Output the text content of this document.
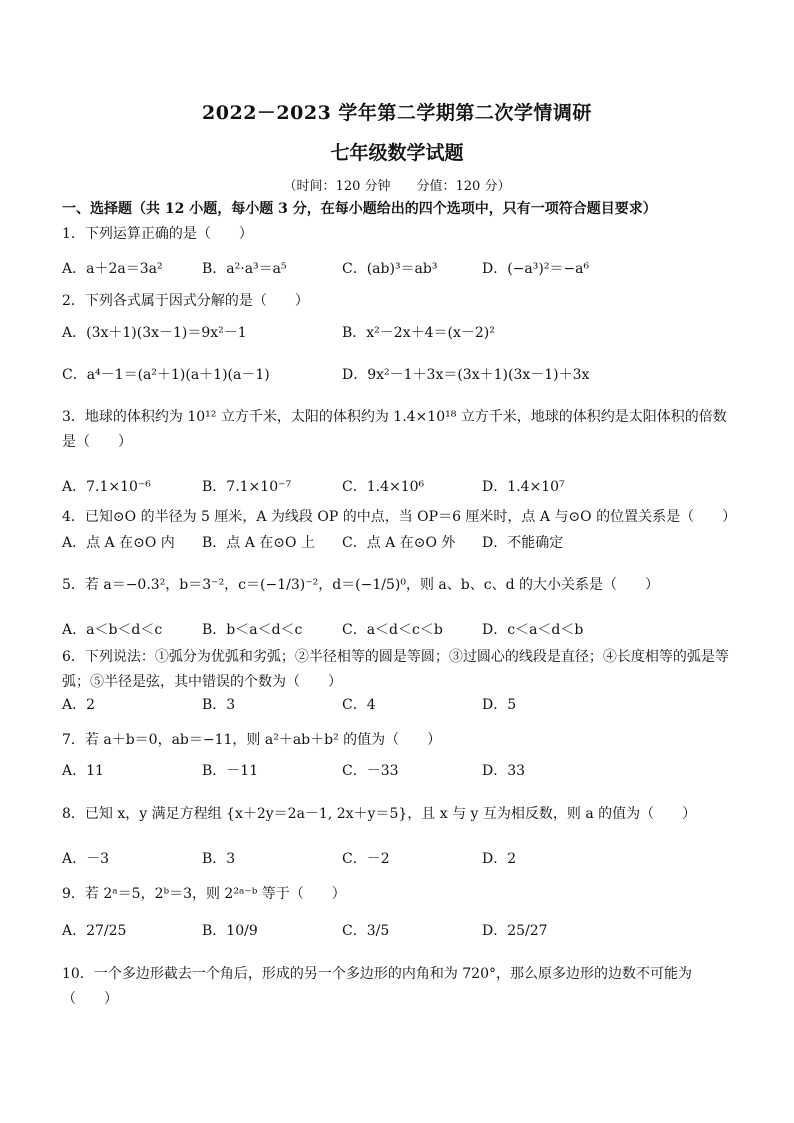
2022－2023 学年第二学期第二次学情调研
七年级数学试题
（时间：120 分钟　　分值：120 分）
一、选择题（共 12 小题，每小题 3 分，在每小题给出的四个选项中，只有一项符合题目要求）
1．下列运算正确的是（　　）
A．a＋2a＝3a²	B．a²·a³＝a⁵	C．(ab)³＝ab³	D．(−a³)²＝−a⁶
2．下列各式属于因式分解的是（　　）
A．(3x＋1)(3x－1)＝9x²－1	B．x²－2x＋4＝(x－2)²
C．a⁴－1＝(a²＋1)(a＋1)(a－1)	D．9x²－1＋3x＝(3x＋1)(3x－1)＋3x
3．地球的体积约为 10¹² 立方千米，太阳的体积约为 1.4×10¹⁸ 立方千米，地球的体积约是太阳体积的倍数是（　　）
A．7.1×10⁻⁶	B．7.1×10⁻⁷	C．1.4×10⁶	D．1.4×10⁷
4．已知⊙O 的半径为 5 厘米，A 为线段 OP 的中点，当 OP＝6 厘米时，点 A 与⊙O 的位置关系是（　　）
A．点 A 在⊙O 内 B．点 A 在⊙O 上 C．点 A 在⊙O 外 D．不能确定
5．若 a＝−0.3²，b＝3⁻²，c＝(−1/3)⁻²，d＝(−1/5)⁰，则 a、b、c、d 的大小关系是（　　）
A．a＜b＜d＜c	B．b＜a＜d＜c	C．a＜d＜c＜b	D．c＜a＜d＜b
6．下列说法：①弧分为优弧和劣弧；②半径相等的圆是等圆；③过圆心的线段是直径；④长度相等的弧是等弧；⑤半径是弦，其中错误的个数为（　　）
A．2	B．3	C．4	D．5
7．若 a＋b＝0，ab＝−11，则 a²＋ab＋b² 的值为（　　）
A．11	B．－11	C．－33	D．33
8．已知 x，y 满足方程组 {x＋2y＝2a－1, 2x＋y＝5}，且 x 与 y 互为相反数，则 a 的值为（　　）
A．－3	B．3	C．－2	D．2
9．若 2ᵃ＝5，2ᵇ＝3，则 2²ᵃ⁻ᵇ 等于（　　）
A．27/25	B．10/9	C．3/5	D．25/27
10．一个多边形截去一个角后，形成的另一个多边形的内角和为 720°，那么原多边形的边数不可能为（　　）
